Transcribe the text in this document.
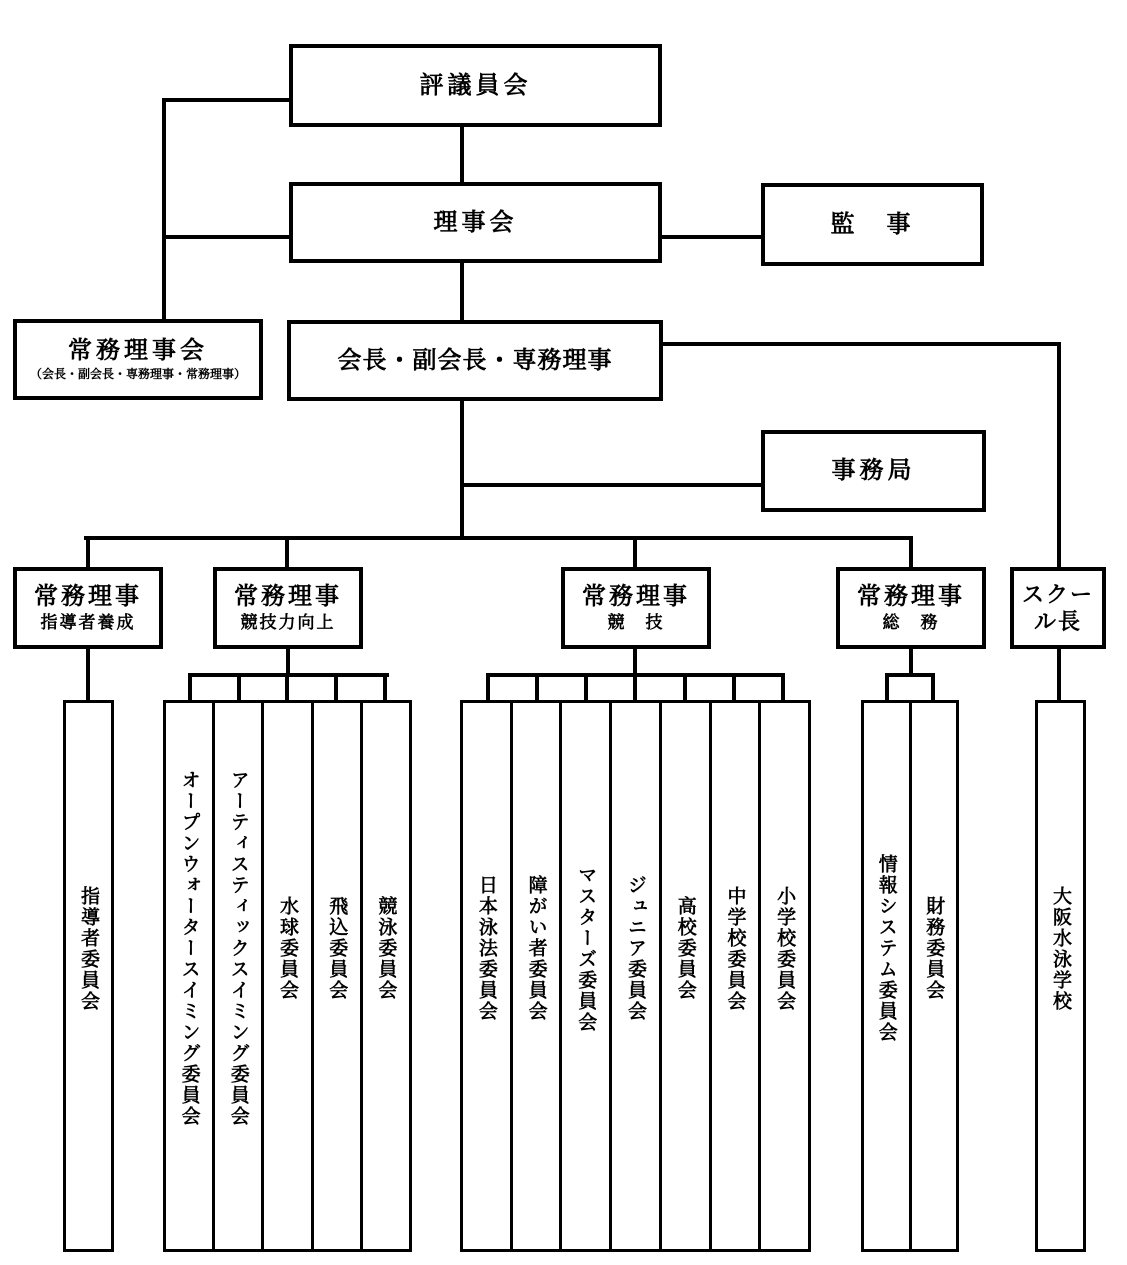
評議員会
理事会	監　事
常務理事会
（会長・副会長・専務理事・常務理事）
会長・副会長・専務理事
事務局
常務理事
指導者養成
常務理事
競技力向上
常務理事
競　技
常務理事
総　務
スクー
ル長
指導者委員会	オープンウォータースイミング委員会 アーティスティックスイミング委員会 水球委員会 飛込委員会 競泳委員会	日本泳法委員会 障がい者委員会 マスターズ委員会 ジュニア委員会 高校委員会 中学校委員会 小学校委員会	情報システム委員会 財務委員会	大阪水泳学校
